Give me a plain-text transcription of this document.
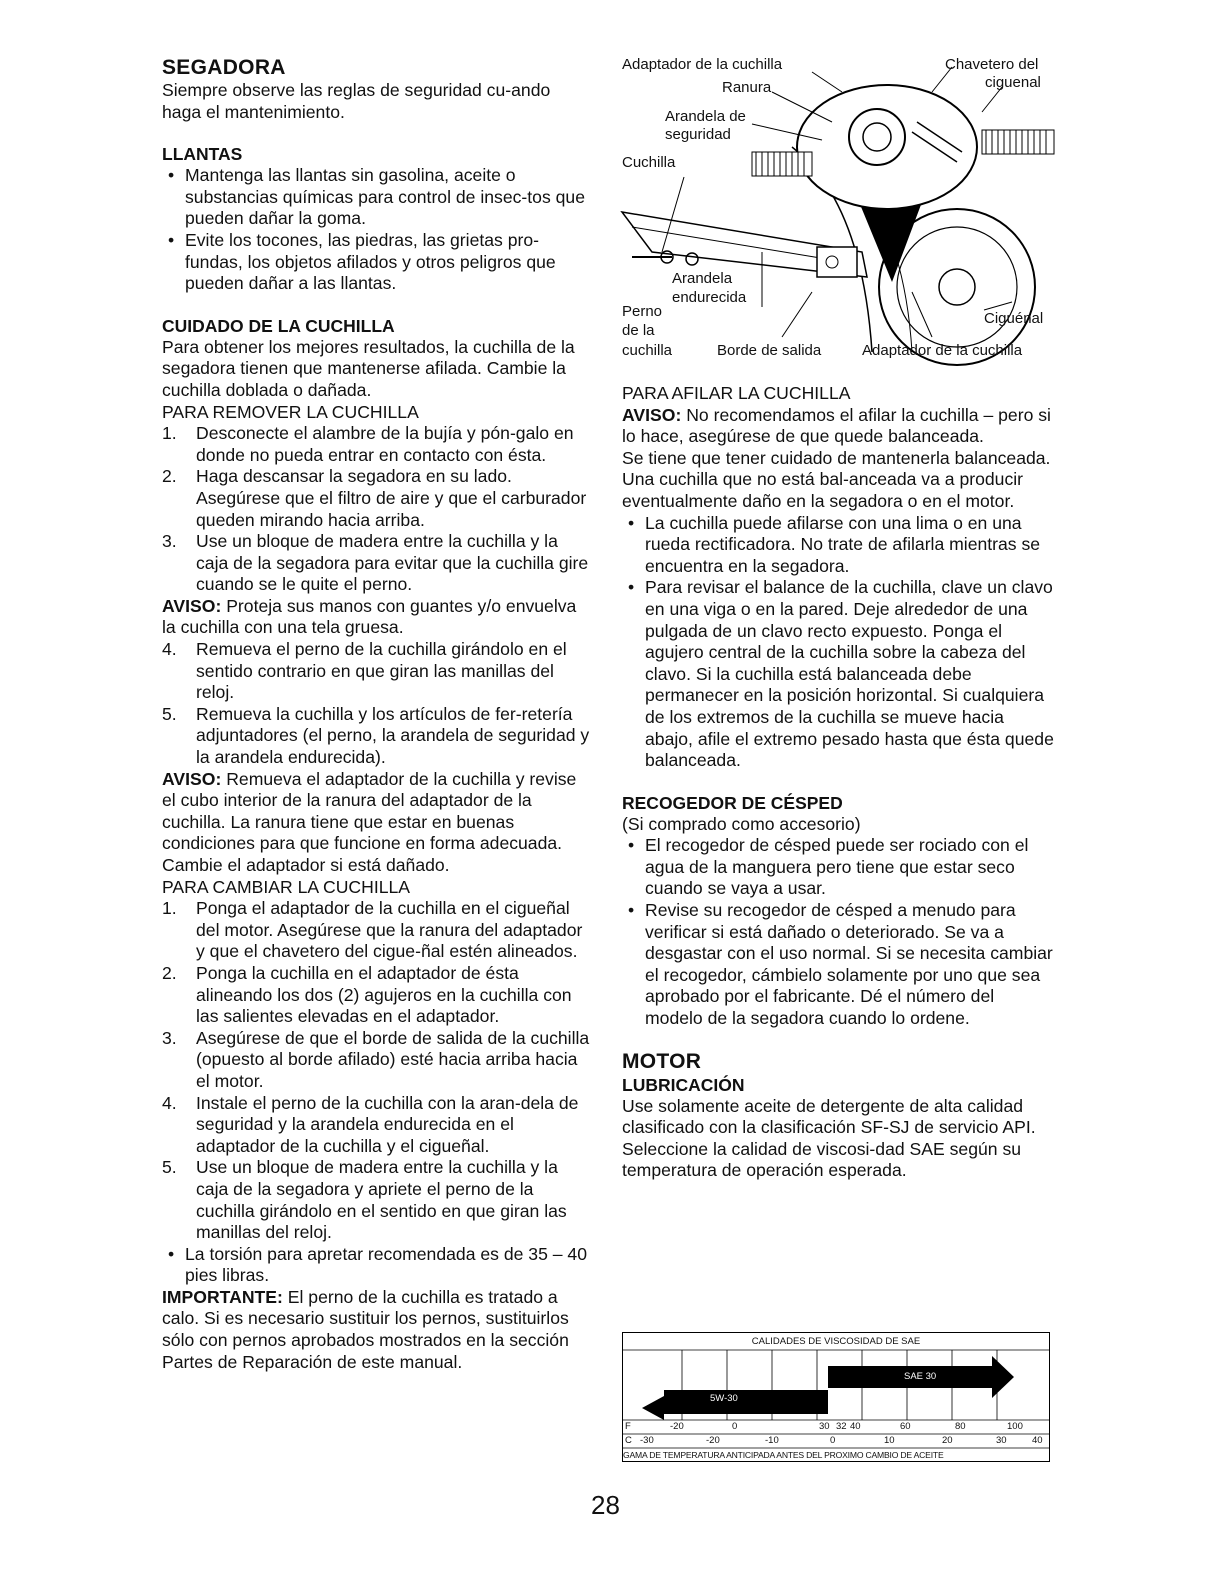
SEGADORA

Siempre observe las reglas de seguridad cu-ando haga el mantenimiento.

LLANTAS
• Mantenga las llantas sin gasolina, aceite o substancias químicas para control de insec-tos que pueden dañar la goma.
• Evite los tocones, las piedras, las grietas pro-fundas, los objetos afilados y otros peligros que pueden dañar a las llantas.
CUIDADO DE LA CUCHILLA

Para obtener los mejores resultados, la cuchilla de la segadora tienen que mantenerse afilada. Cambie la cuchilla doblada o dañada.

PARA REMOVER LA CUCHILLA

1. Desconecte el alambre de la bujía y pón-galo en donde no pueda entrar en contacto con ésta.
2. Haga descansar la segadora en su lado. Asegúrese que el filtro de aire y que el carburador queden mirando hacia arriba.
3. Use un bloque de madera entre la cuchilla y la caja de la segadora para evitar que la cuchilla gire cuando se le quite el perno.

AVISO: Proteja sus manos con guantes y/o envuelva la cuchilla con una tela gruesa.

4. Remueva el perno de la cuchilla girándolo en el sentido contrario en que giran las manillas del reloj.
5. Remueva la cuchilla y los artículos de fer-retería adjuntadores (el perno, la arandela de seguridad y la arandela endurecida).

AVISO: Remueva el adaptador de la cuchilla y revise el cubo interior de la ranura del adaptador de la cuchilla. La ranura tiene que estar en buenas condiciones para que funcione en forma adecuada. Cambie el adaptador si está dañado.

PARA CAMBIAR LA CUCHILLA

1. Ponga el adaptador de la cuchilla en el cigueñal del motor. Asegúrese que la ranura del adaptador y que el chavetero del cigue-ñal estén alineados.
2. Ponga la cuchilla en el adaptador de ésta alineando los dos (2) agujeros en la cuchilla con las salientes elevadas en el adaptador.
3. Asegúrese de que el borde de salida de la cuchilla (opuesto al borde afilado) esté hacia arriba hacia el motor.
4. Instale el perno de la cuchilla con la aran-dela de seguridad y la arandela endurecida en el adaptador de la cuchilla y el cigueñal.
5. Use un bloque de madera entre la cuchilla y la caja de la segadora y apriete el perno de la cuchilla girándolo en el sentido en que giran las manillas del reloj.
• La torsión para apretar recomendada es de 35 – 40 pies libras.

IMPORTANTE: El perno de la cuchilla es tratado a calo. Si es necesario sustituir los pernos, sustituirlos sólo con pernos aprobados mostrados en la sección Partes de Reparación de este manual.

Adaptador de la cuchilla
Ranura
Arandela de
seguridad
Cuchilla
Chavetero del
ciguenal
Arandela
endurecida
Perno
de la
cuchilla
Ciguénal
Borde de salida	Adaptador de la cuchilla

PARA AFILAR LA CUCHILLA

AVISO: No recomendamos el afilar la cuchilla – pero si lo hace, asegúrese de que quede balanceada.

Se tiene que tener cuidado de mantenerla balanceada. Una cuchilla que no está bal-anceada va a producir eventualmente daño en la segadora o en el motor.

• La cuchilla puede afilarse con una lima o en una rueda rectificadora. No trate de afilarla mientras se encuentra en la segadora.
• Para revisar el balance de la cuchilla, clave un clavo en una viga o en la pared. Deje alrededor de una pulgada de un clavo recto expuesto. Ponga el agujero central de la cuchilla sobre la cabeza del clavo. Si la cuchilla está balanceada debe permanecer en la posición horizontal. Si cualquiera de los extremos de la cuchilla se mueve hacia abajo, afile el extremo pesado hasta que ésta quede balanceada.
RECOGEDOR DE CÉSPED

(Si comprado como accesorio)

• El recogedor de césped puede ser rociado con el agua de la manguera pero tiene que estar seco cuando se vaya a usar.
• Revise su recogedor de césped a menudo para verificar si está dañado o deteriorado. Se va a desgastar con el uso normal. Si se necesita cambiar el recogedor, cámbielo solamente por uno que sea aprobado por el fabricante. Dé el número del modelo de la segadora cuando lo ordene.
MOTOR
LUBRICACIÓN

Use solamente aceite de detergente de alta calidad clasificado con la clasificación SF-SJ de servicio API. Seleccione la calidad de viscosi-dad SAE según su temperatura de operación esperada.

CALIDADES DE VISCOSIDAD DE SAE
5W-30
SAE 30
F	-20	0	30 32 40	60	80	100
C -30	-20	-10	0	10	20	30	40
GAMA DE TEMPERATURA ANTICIPADA ANTES DEL PROXIMO CAMBIO DE ACEITE
28
